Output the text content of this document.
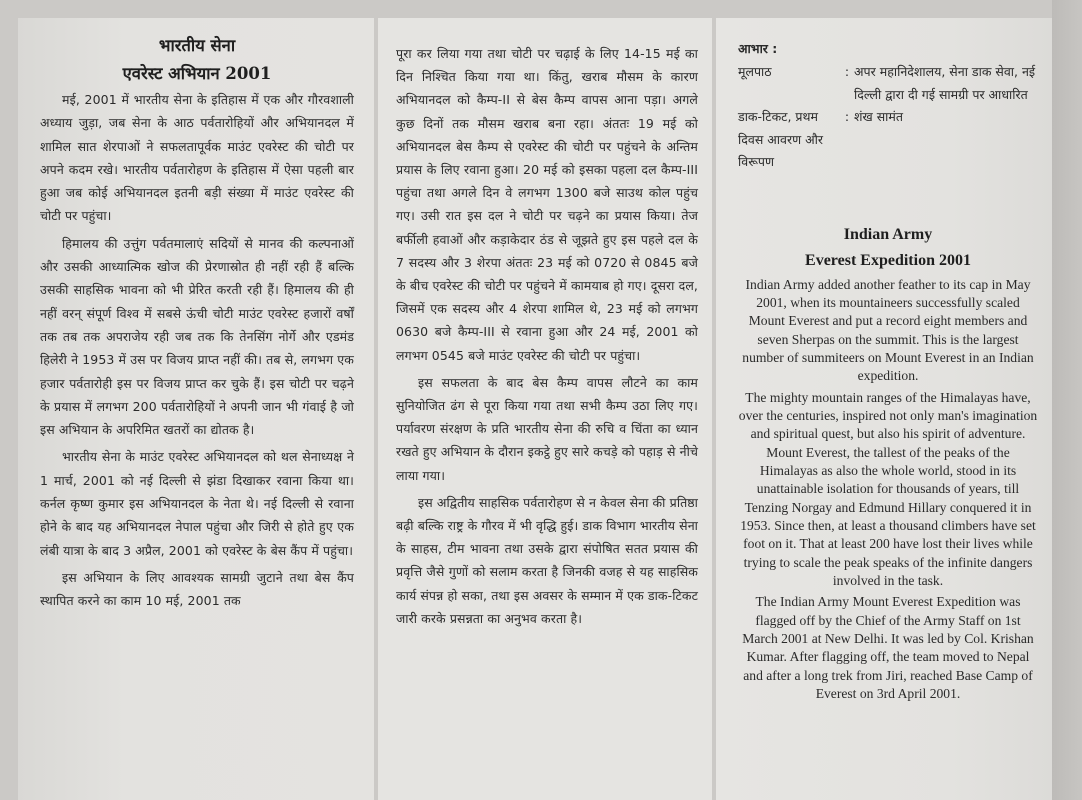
भारतीय सेना
एवरेस्ट अभियान 2001

मई, 2001 में भारतीय सेना के इतिहास में एक और गौरवशाली अध्याय जुड़ा, जब सेना के आठ पर्वतारोहियों और अभियानदल में शामिल सात शेरपाओं ने सफलतापूर्वक माउंट एवरेस्ट की चोटी पर अपने कदम रखे। भारतीय पर्वतारोहण के इतिहास में ऐसा पहली बार हुआ जब कोई अभियानदल इतनी बड़ी संख्या में माउंट एवरेस्ट की चोटी पर पहुंचा।

हिमालय की उत्तुंग पर्वतमालाएं सदियों से मानव की कल्पनाओं और उसकी आध्यात्मिक खोज की प्रेरणास्रोत ही नहीं रही हैं बल्कि उसकी साहसिक भावना को भी प्रेरित करती रही हैं। हिमालय की ही नहीं वरन् संपूर्ण विश्व में सबसे ऊंची चोटी माउंट एवरेस्ट हजारों वर्षों तक तब तक अपराजेय रही जब तक कि तेनसिंग नोर्गे और एडमंड हिलेरी ने 1953 में उस पर विजय प्राप्त नहीं की। तब से, लगभग एक हजार पर्वतारोही इस पर विजय प्राप्त कर चुके हैं। इस चोटी पर चढ़ने के प्रयास में लगभग 200 पर्वतारोहियों ने अपनी जान भी गंवाई है जो इस अभियान के अपरिमित खतरों का द्योतक है।

भारतीय सेना के माउंट एवरेस्ट अभियानदल को थल सेनाध्यक्ष ने 1 मार्च, 2001 को नई दिल्ली से झंडा दिखाकर रवाना किया था। कर्नल कृष्ण कुमार इस अभियानदल के नेता थे। नई दिल्ली से रवाना होने के बाद यह अभियानदल नेपाल पहुंचा और जिरी से होते हुए एक लंबी यात्रा के बाद 3 अप्रैल, 2001 को एवरेस्ट के बेस कैंप में पहुंचा।

इस अभियान के लिए आवश्यक सामग्री जुटाने तथा बेस कैंप स्थापित करने का काम 10 मई, 2001 तक

पूरा कर लिया गया तथा चोटी पर चढ़ाई के लिए 14-15 मई का दिन निश्चित किया गया था। किंतु, खराब मौसम के कारण अभियानदल को कैम्प-II से बेस कैम्प वापस आना पड़ा। अगले कुछ दिनों तक मौसम खराब बना रहा। अंततः 19 मई को अभियानदल बेस कैम्प से एवरेस्ट की चोटी पर पहुंचने के अन्तिम प्रयास के लिए रवाना हुआ। 20 मई को इसका पहला दल कैम्प-III पहुंचा तथा अगले दिन वे लगभग 1300 बजे साउथ कोल पहुंच गए। उसी रात इस दल ने चोटी पर चढ़ने का प्रयास किया। तेज बर्फीली हवाओं और कड़ाकेदार ठंड से जूझते हुए इस पहले दल के 7 सदस्य और 3 शेरपा अंततः 23 मई को 0720 से 0845 बजे के बीच एवरेस्ट की चोटी पर पहुंचने में कामयाब हो गए। दूसरा दल, जिसमें एक सदस्य और 4 शेरपा शामिल थे, 23 मई को लगभग 0630 बजे कैम्प-III से रवाना हुआ और 24 मई, 2001 को लगभग 0545 बजे माउंट एवरेस्ट की चोटी पर पहुंचा।

इस सफलता के बाद बेस कैम्प वापस लौटने का काम सुनियोजित ढंग से पूरा किया गया तथा सभी कैम्प उठा लिए गए। पर्यावरण संरक्षण के प्रति भारतीय सेना की रुचि व चिंता का ध्यान रखते हुए अभियान के दौरान इकट्ठे हुए सारे कचड़े को पहाड़ से नीचे लाया गया।

इस अद्वितीय साहसिक पर्वतारोहण से न केवल सेना की प्रतिष्ठा बढ़ी बल्कि राष्ट्र के गौरव में भी वृद्धि हुई। डाक विभाग भारतीय सेना के साहस, टीम भावना तथा उसके द्वारा संपोषित सतत प्रयास की प्रवृत्ति जैसे गुणों को सलाम करता है जिनकी वजह से यह साहसिक कार्य संपन्न हो सका, तथा इस अवसर के सम्मान में एक डाक-टिकट जारी करके प्रसन्नता का अनुभव करता है।

आभार :
मूलपाठ	: अपर महानिदेशालय, सेना डाक सेवा, नई दिल्ली द्वारा दी गई सामग्री पर आधारित
डाक-टिकट, प्रथम दिवस आवरण और विरूपण
: शंख सामंत
Indian Army
Everest Expedition 2001

Indian Army added another feather to its cap in May 2001, when its mountaineers successfully scaled Mount Everest and put a record eight members and seven Sherpas on the summit. This is the largest number of summiteers on Mount Everest in an Indian expedition.

The mighty mountain ranges of the Himalayas have, over the centuries, inspired not only man's imagination and spiritual quest, but also his spirit of adventure. Mount Everest, the tallest of the peaks of the Himalayas as also the whole world, stood in its unattainable isolation for thousands of years, till Tenzing Norgay and Edmund Hillary conquered it in 1953. Since then, at least a thousand climbers have set foot on it. That at least 200 have lost their lives while trying to scale the peak speaks of the infinite dangers involved in the task.

The Indian Army Mount Everest Expedition was flagged off by the Chief of the Army Staff on 1st March 2001 at New Delhi. It was led by Col. Krishan Kumar. After flagging off, the team moved to Nepal and after a long trek from Jiri, reached Base Camp of Everest on 3rd April 2001.
